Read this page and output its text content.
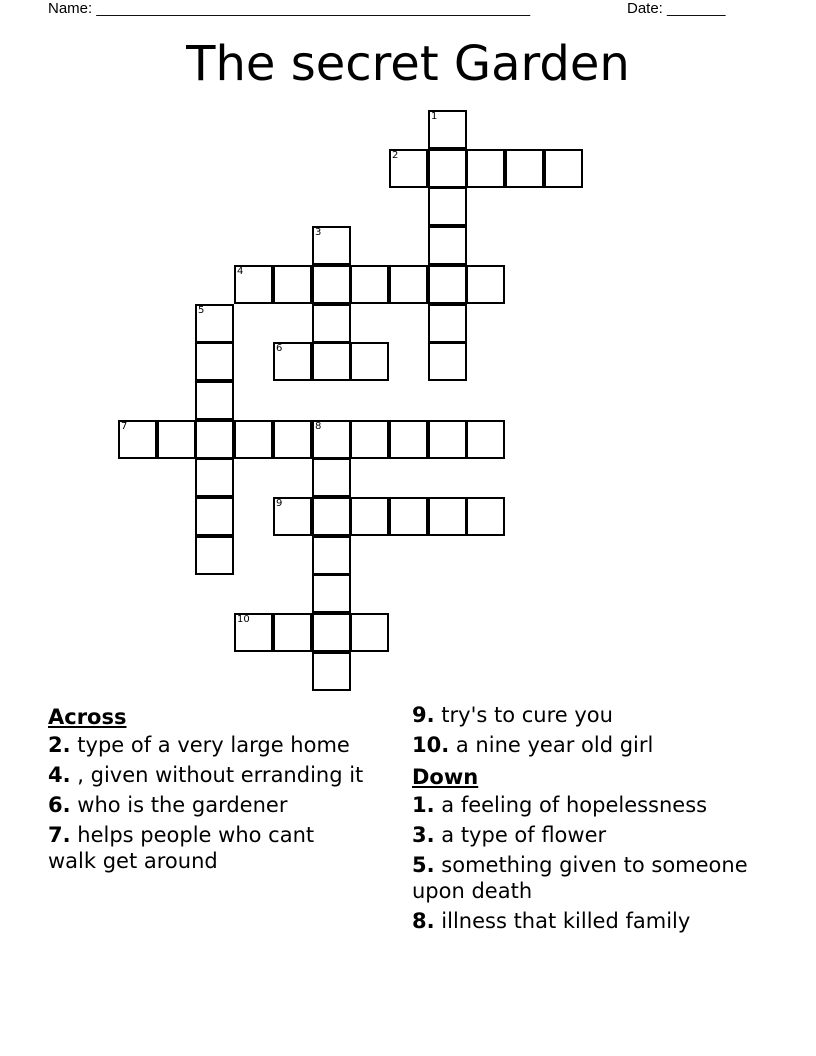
Name: ____________________________________________________	Date: _______
The secret Garden
1
2
3
4
5
6
7	8
9
10
Across
2. type of a very large home
4. , given without erranding it
6. who is the gardener
7. helps people who cant walk get around
9. try's to cure you
10. a nine year old girl
Down
1. a feeling of hopelessness
3. a type of flower
5. something given to someone upon death
8. illness that killed family
